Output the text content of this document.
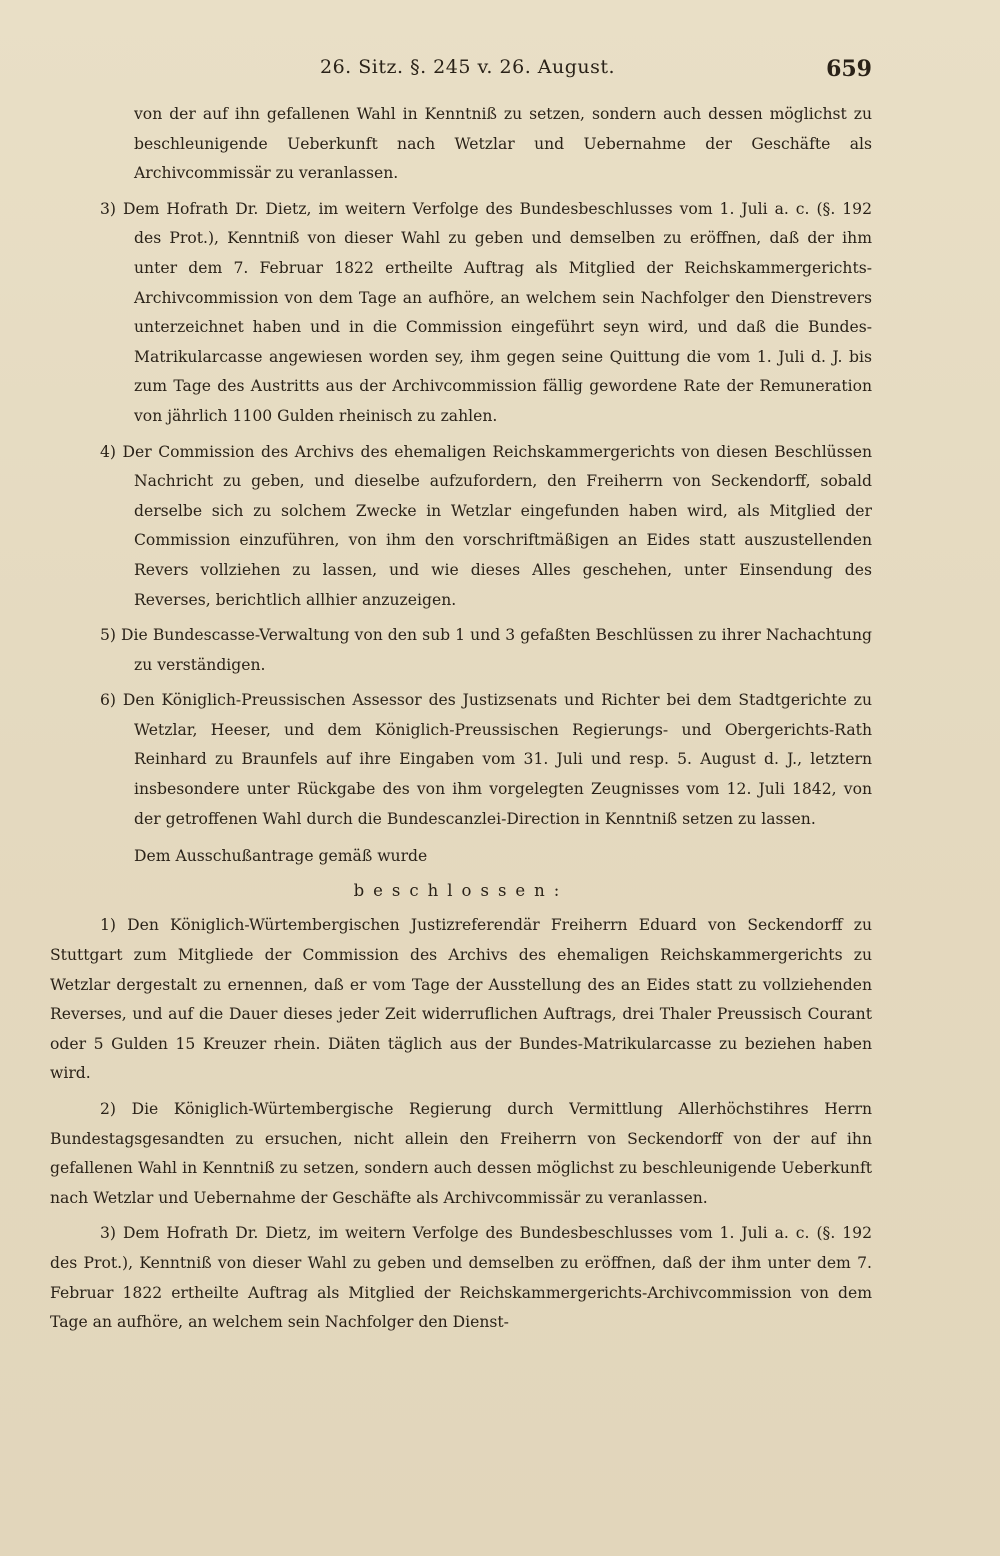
26. Sitz. §. 245 v. 26. August.	659

von der auf ihn gefallenen Wahl in Kenntniß zu setzen, sondern auch dessen möglichst zu beschleunigende Ueberkunft nach Wetzlar und Uebernahme der Geschäfte als Archivcommissär zu veranlassen.

3) Dem Hofrath Dr. Dietz, im weitern Verfolge des Bundesbeschlusses vom 1. Juli a. c. (§. 192 des Prot.), Kenntniß von dieser Wahl zu geben und demselben zu eröffnen, daß der ihm unter dem 7. Februar 1822 ertheilte Auftrag als Mitglied der Reichskammergerichts-Archivcommission von dem Tage an aufhöre, an welchem sein Nachfolger den Dienstrevers unterzeichnet haben und in die Commission eingeführt seyn wird, und daß die Bundes-Matrikularcasse angewiesen worden sey, ihm gegen seine Quittung die vom 1. Juli d. J. bis zum Tage des Austritts aus der Archivcommission fällig gewordene Rate der Remuneration von jährlich 1100 Gulden rheinisch zu zahlen.

4) Der Commission des Archivs des ehemaligen Reichskammergerichts von diesen Beschlüssen Nachricht zu geben, und dieselbe aufzufordern, den Freiherrn von Seckendorff, sobald derselbe sich zu solchem Zwecke in Wetzlar eingefunden haben wird, als Mitglied der Commission einzuführen, von ihm den vorschriftmäßigen an Eides statt auszustellenden Revers vollziehen zu lassen, und wie dieses Alles geschehen, unter Einsendung des Reverses, berichtlich allhier anzuzeigen.

5) Die Bundescasse-Verwaltung von den sub 1 und 3 gefaßten Beschlüssen zu ihrer Nachachtung zu verständigen.

6) Den Königlich-Preussischen Assessor des Justizsenats und Richter bei dem Stadtgerichte zu Wetzlar, Heeser, und dem Königlich-Preussischen Regierungs- und Obergerichts-Rath Reinhard zu Braunfels auf ihre Eingaben vom 31. Juli und resp. 5. August d. J., letztern insbesondere unter Rückgabe des von ihm vorgelegten Zeugnisses vom 12. Juli 1842, von der getroffenen Wahl durch die Bundescanzlei-Direction in Kenntniß setzen zu lassen.

Dem Ausschußantrage gemäß wurde

beschlossen:

1) Den Königlich-Würtembergischen Justizreferendär Freiherrn Eduard von Seckendorff zu Stuttgart zum Mitgliede der Commission des Archivs des ehemaligen Reichskammergerichts zu Wetzlar dergestalt zu ernennen, daß er vom Tage der Ausstellung des an Eides statt zu vollziehenden Reverses, und auf die Dauer dieses jeder Zeit widerruflichen Auftrags, drei Thaler Preussisch Courant oder 5 Gulden 15 Kreuzer rhein. Diäten täglich aus der Bundes-Matrikularcasse zu beziehen haben wird.

2) Die Königlich-Würtembergische Regierung durch Vermittlung Allerhöchstihres Herrn Bundestagsgesandten zu ersuchen, nicht allein den Freiherrn von Seckendorff von der auf ihn gefallenen Wahl in Kenntniß zu setzen, sondern auch dessen möglichst zu beschleunigende Ueberkunft nach Wetzlar und Uebernahme der Geschäfte als Archivcommissär zu veranlassen.

3) Dem Hofrath Dr. Dietz, im weitern Verfolge des Bundesbeschlusses vom 1. Juli a. c. (§. 192 des Prot.), Kenntniß von dieser Wahl zu geben und demselben zu eröffnen, daß der ihm unter dem 7. Februar 1822 ertheilte Auftrag als Mitglied der Reichskammergerichts-Archivcommission von dem Tage an aufhöre, an welchem sein Nachfolger den Dienst-
